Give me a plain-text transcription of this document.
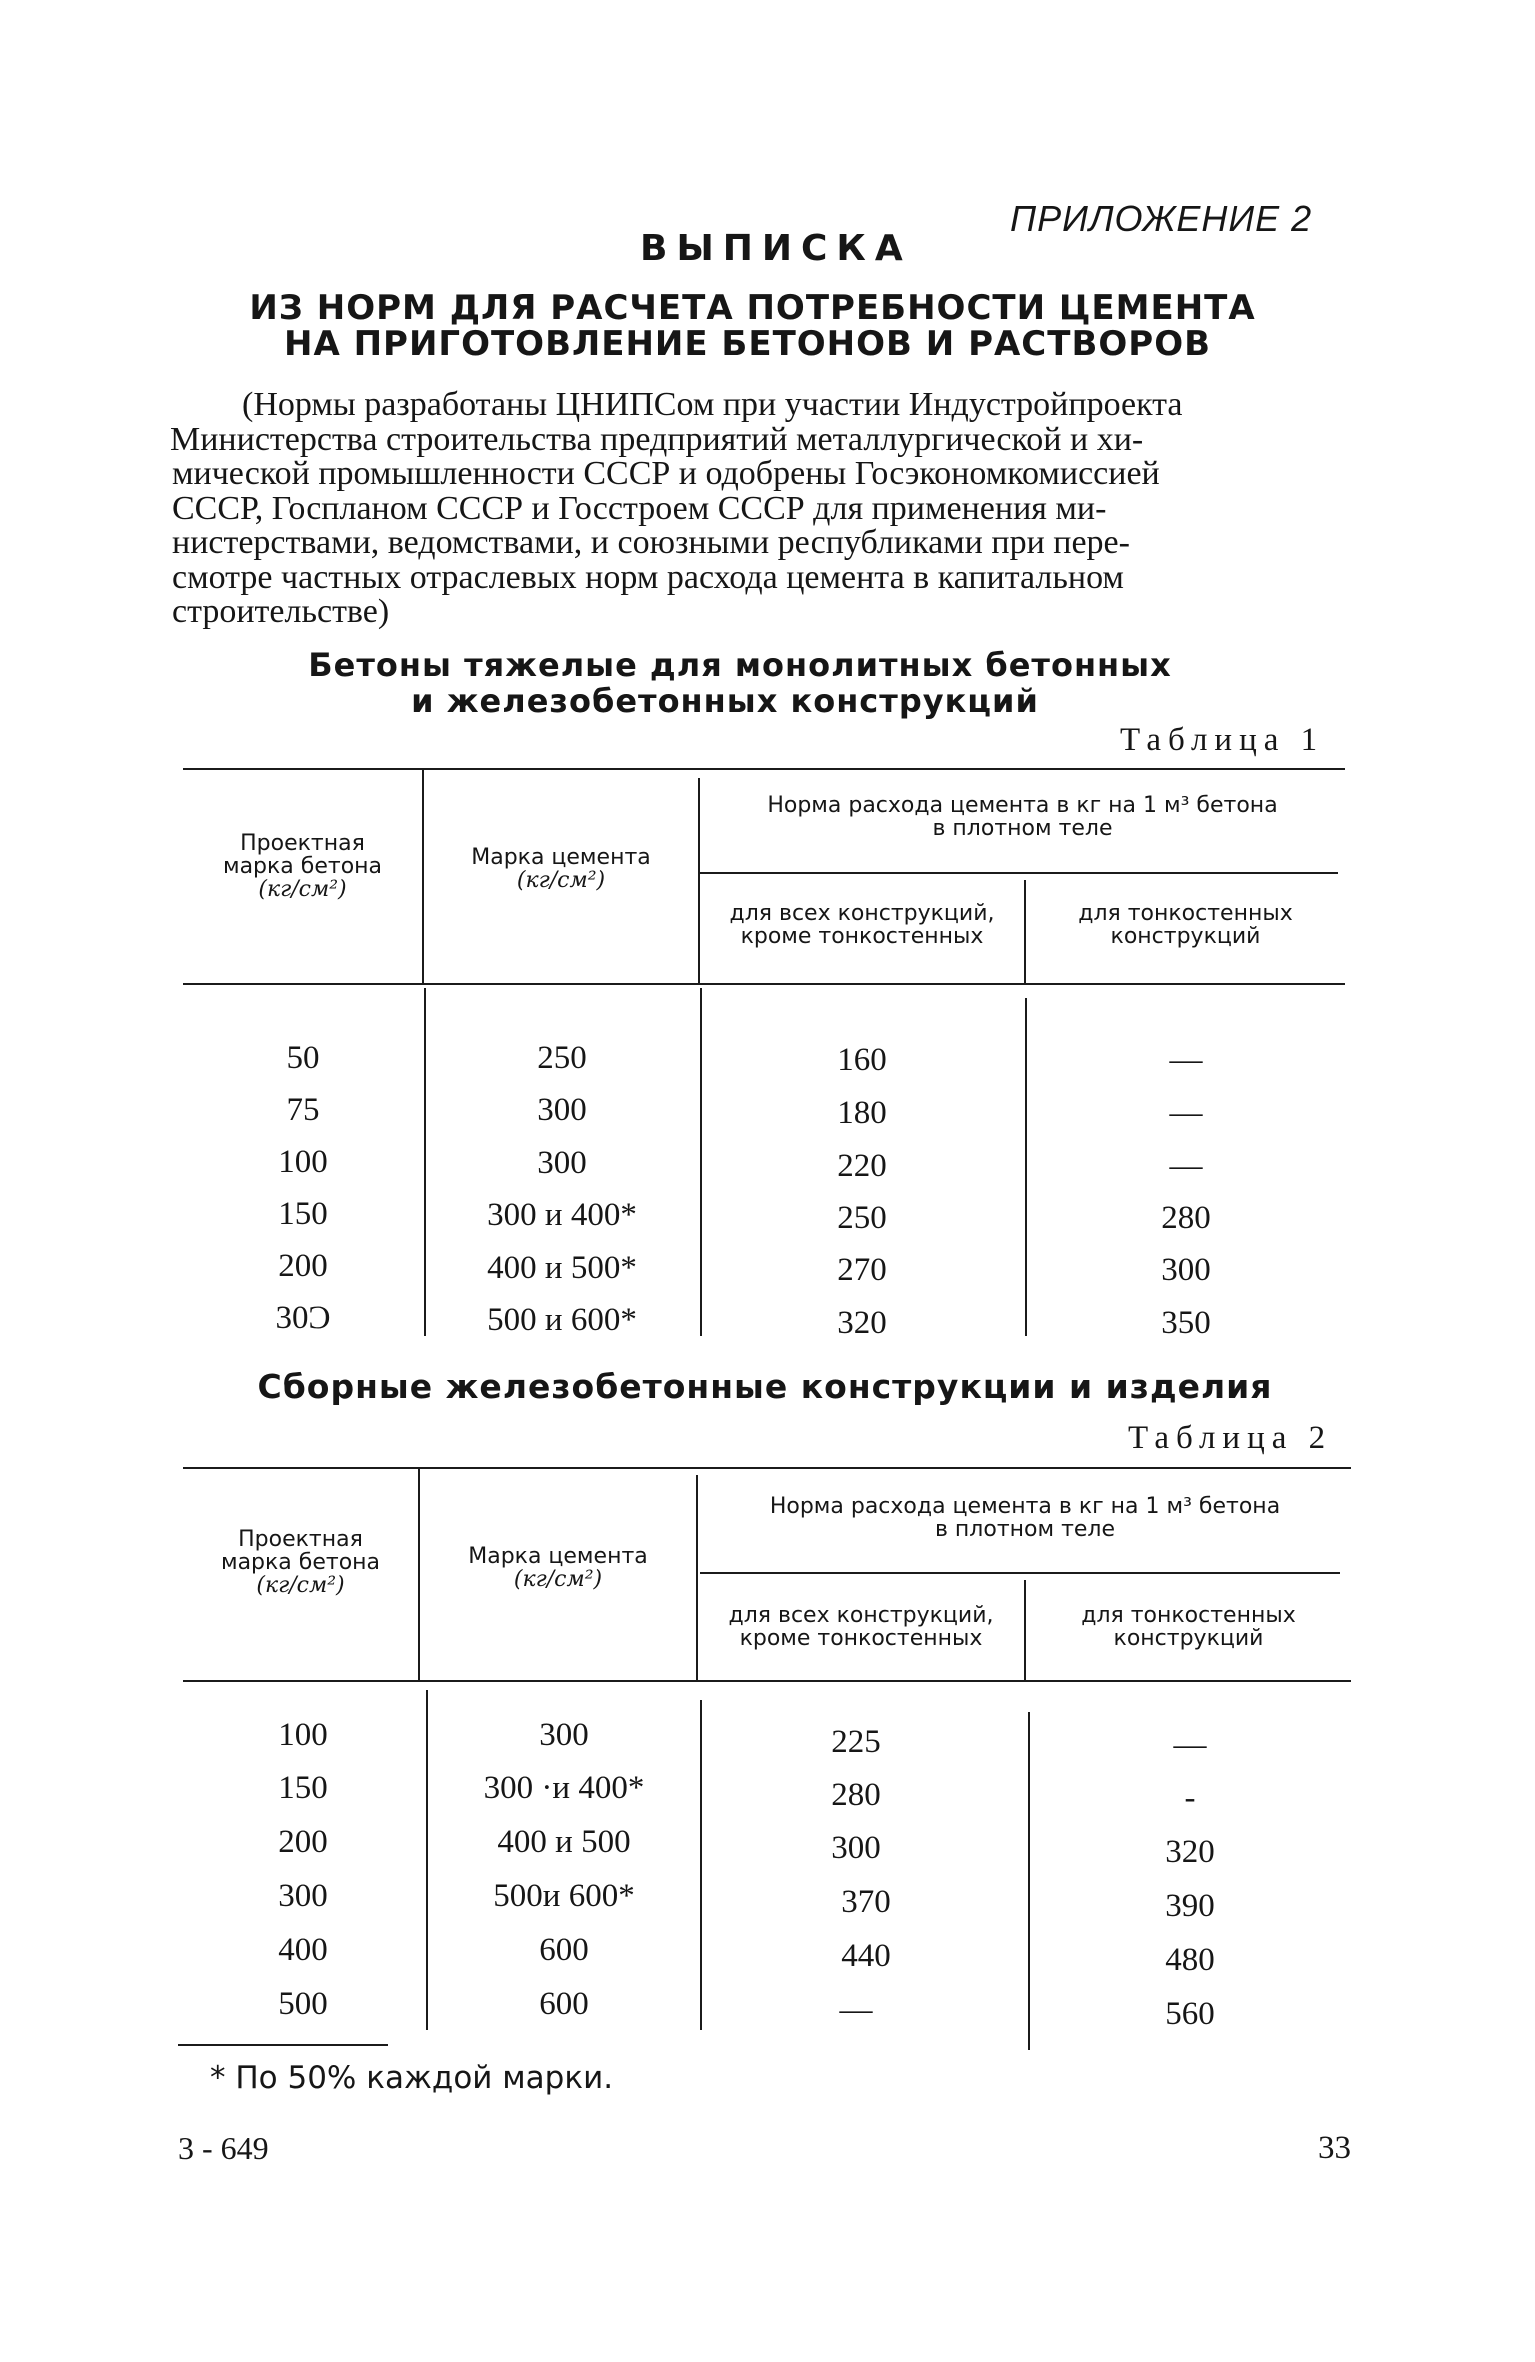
ПРИЛОЖЕНИЕ 2
ВЫПИСКА
ИЗ НОРМ ДЛЯ РАСЧЕТА ПОТРЕБНОСТИ ЦЕМЕНТА
НА ПРИГОТОВЛЕНИЕ БЕТОНОВ И РАСТВОРОВ
(Нормы разработаны ЦНИПСом при участии Индустройпроекта
Министерства строительства предприятий металлургической и хи-
мической промышленности СССР и одобрены Госэкономкомиссией
СССР, Госпланом СССР и Госстроем СССР для применения ми-
нистерствами, ведомствами, и союзными республиками при пере-
смотре частных отраслевых норм расхода цемента в капитальном
строительстве)
Бетоны тяжелые для монолитных бетонных
и железобетонных конструкций
Таблица 1
Проектная
марка бетона
(кг/см²)
Марка цемента
(кг/см²)
Норма расхода цемента в кг на 1 м³ бетона
в плотном теле
для всех конструкций,
кроме тонкостенных
для тонкостенных
конструкций
50	250	160	—
75	300	180	—
100	300	220	—
150	300 и 400*	250	280
200	400 и 500*	270	300
30Ͻ	500 и 600*	320	350
Сборные железобетонные конструкции и изделия
Таблица 2
Проектная
марка бетона
(кг/см²)
Марка цемента
(кг/см²)
Норма расхода цемента в кг на 1 м³ бетона
в плотном теле
для всех конструкций,
кроме тонкостенных
для тонкостенных
конструкций
100	300	225	—
150	300 ·и 400*	280	-
200	400 и 500	300	320
300	500и 600*	370	390
400	600	440	480
500	600	—	560
* По 50% каждой марки.
3 - 649	33
